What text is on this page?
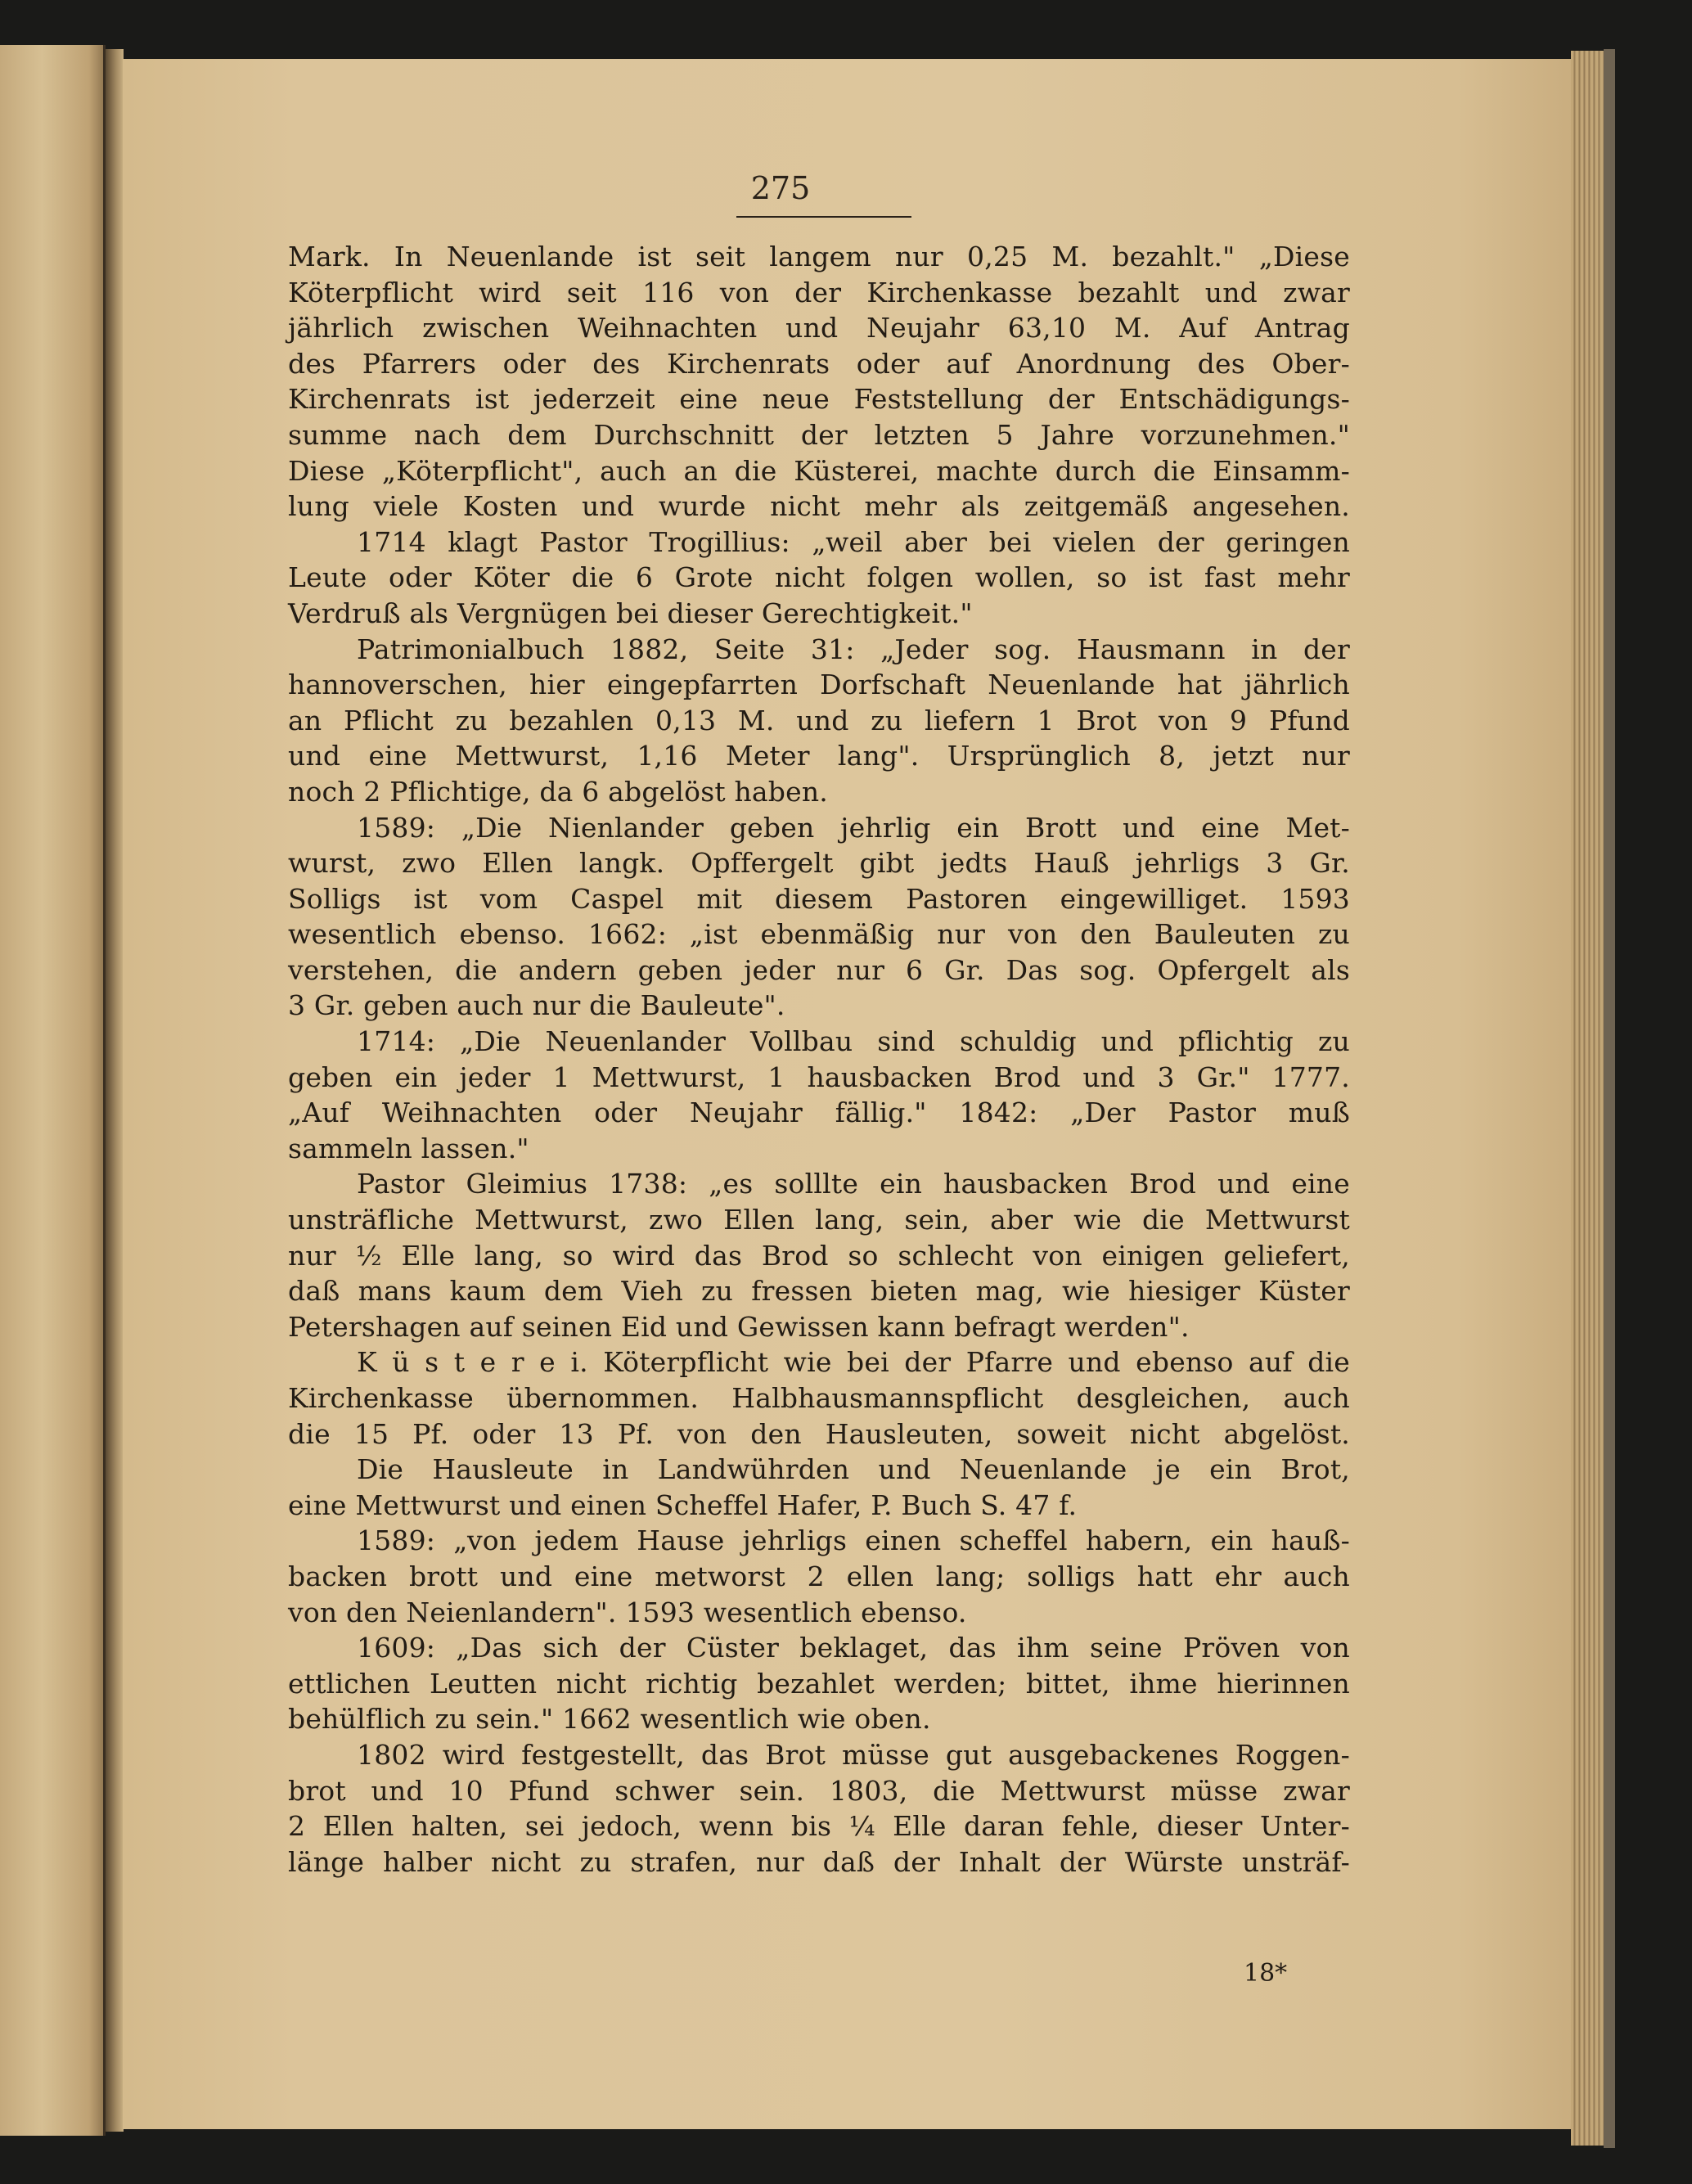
275
Mark. In Neuenlande ist seit langem nur 0,25 M. bezahlt." „Diese
Köterpflicht wird seit 116 von der Kirchenkasse bezahlt und zwar
jährlich zwischen Weihnachten und Neujahr 63,10 M. Auf Antrag
des Pfarrers oder des Kirchenrats oder auf Anordnung des Ober-
Kirchenrats ist jederzeit eine neue Feststellung der Entschädigungs-
summe nach dem Durchschnitt der letzten 5 Jahre vorzunehmen."
Diese „Köterpflicht", auch an die Küsterei, machte durch die Einsamm-
lung viele Kosten und wurde nicht mehr als zeitgemäß angesehen.
1714 klagt Pastor Trogillius: „weil aber bei vielen der geringen
Leute oder Köter die 6 Grote nicht folgen wollen, so ist fast mehr
Verdruß als Vergnügen bei dieser Gerechtigkeit."
Patrimonialbuch 1882, Seite 31: „Jeder sog. Hausmann in der
hannoverschen, hier eingepfarrten Dorfschaft Neuenlande hat jährlich
an Pflicht zu bezahlen 0,13 M. und zu liefern 1 Brot von 9 Pfund
und eine Mettwurst, 1,16 Meter lang". Ursprünglich 8, jetzt nur
noch 2 Pflichtige, da 6 abgelöst haben.
1589: „Die Nienlander geben jehrlig ein Brott und eine Met-
wurst, zwo Ellen langk. Opffergelt gibt jedts Hauß jehrligs 3 Gr.
Solligs ist vom Caspel mit diesem Pastoren eingewilliget. 1593
wesentlich ebenso. 1662: „ist ebenmäßig nur von den Bauleuten zu
verstehen, die andern geben jeder nur 6 Gr. Das sog. Opfergelt als
3 Gr. geben auch nur die Bauleute".
1714: „Die Neuenlander Vollbau sind schuldig und pflichtig zu
geben ein jeder 1 Mettwurst, 1 hausbacken Brod und 3 Gr." 1777.
„Auf Weihnachten oder Neujahr fällig." 1842: „Der Pastor muß
sammeln lassen."
Pastor Gleimius 1738: „es solllte ein hausbacken Brod und eine
unsträfliche Mettwurst, zwo Ellen lang, sein, aber wie die Mettwurst
nur ½ Elle lang, so wird das Brod so schlecht von einigen geliefert,
daß mans kaum dem Vieh zu fressen bieten mag, wie hiesiger Küster
Petershagen auf seinen Eid und Gewissen kann befragt werden".
K ü s t e r e i. Köterpflicht wie bei der Pfarre und ebenso auf die
Kirchenkasse übernommen. Halbhausmannspflicht desgleichen, auch
die 15 Pf. oder 13 Pf. von den Hausleuten, soweit nicht abgelöst.
Die Hausleute in Landwührden und Neuenlande je ein Brot,
eine Mettwurst und einen Scheffel Hafer, P. Buch S. 47 f.
1589: „von jedem Hause jehrligs einen scheffel habern, ein hauß-
backen brott und eine metworst 2 ellen lang; solligs hatt ehr auch
von den Neienlandern". 1593 wesentlich ebenso.
1609: „Das sich der Cüster beklaget, das ihm seine Pröven von
ettlichen Leutten nicht richtig bezahlet werden; bittet, ihme hierinnen
behülflich zu sein." 1662 wesentlich wie oben.
1802 wird festgestellt, das Brot müsse gut ausgebackenes Roggen-
brot und 10 Pfund schwer sein. 1803, die Mettwurst müsse zwar
2 Ellen halten, sei jedoch, wenn bis ¼ Elle daran fehle, dieser Unter-
länge halber nicht zu strafen, nur daß der Inhalt der Würste unsträf-
18*
